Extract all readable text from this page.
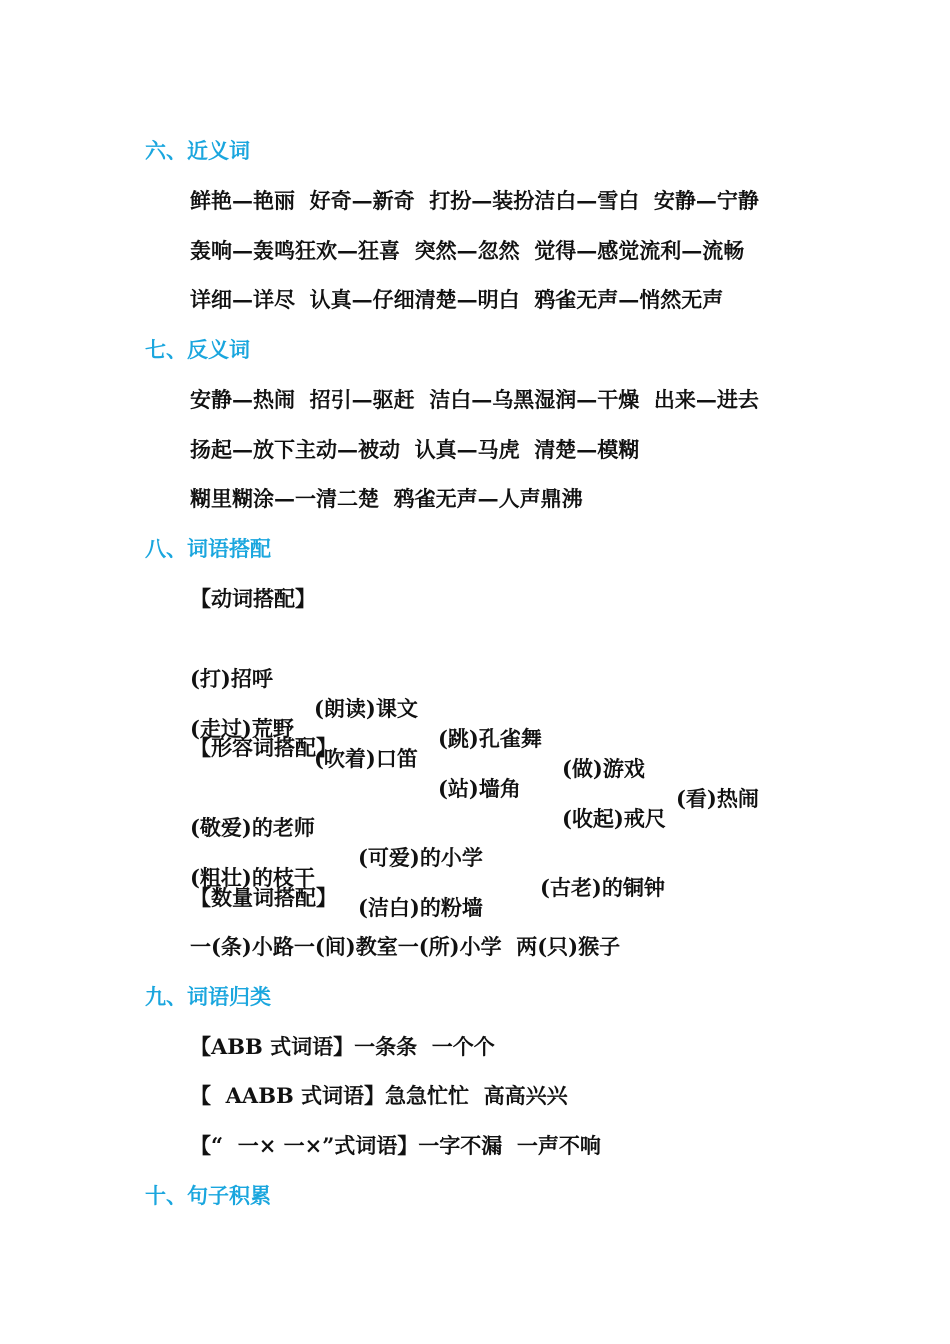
六、近义词
鲜艳—艳丽  好奇—新奇  打扮—装扮洁白—雪白  安静—宁静
轰响—轰鸣狂欢—狂喜  突然—忽然  觉得—感觉流利—流畅
详细—详尽  认真—仔细清楚—明白  鸦雀无声—悄然无声
七、反义词
安静—热闹  招引—驱赶  洁白—乌黑湿润—干燥  出来—进去
扬起—放下主动—被动  认真—马虎  清楚—模糊
糊里糊涂—一清二楚  鸦雀无声—人声鼎沸
八、词语搭配
【动词搭配】

(打)招呼

(朗读)课文

(跳)孔雀舞

(做)游戏

(看)热闹

(走过)荒野

(吹着)口笛

(站)墙角

(收起)戒尺

【形容词搭配】

(敬爱)的老师

(可爱)的小学

(古老)的铜钟

(粗壮)的枝干

(洁白)的粉墙

【数量词搭配】
一(条)小路一(间)教室一(所)小学  两(只)猴子
九、词语归类
【ABB 式词语】一条条  一个个
【  AABB 式词语】急急忙忙  高高兴兴
【“  一× 一×”式词语】一字不漏  一声不响
十、句子积累
